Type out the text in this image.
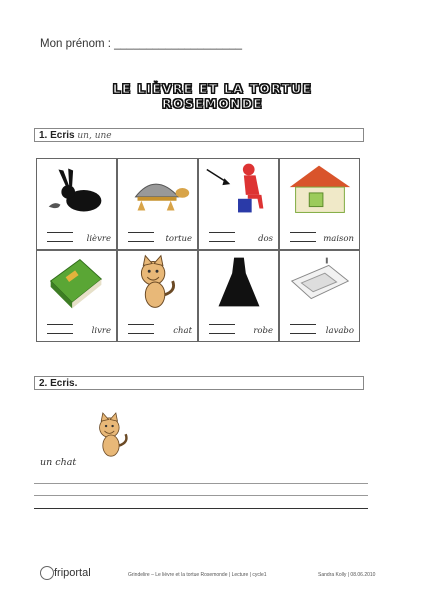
Mon prénom : ____________________
LE LIÈVRE ET LA TORTUE
ROSEMONDE
1. Ecris un, une
lièvre	tortue	dos	maison
livre	chat	robe	lavabo
2. Ecris.
un chat
friportal	Grindelire – Le lièvre et la tortue Rosemonde | Lecture | cycle1	Sandra Kolly | 08.06.2010
